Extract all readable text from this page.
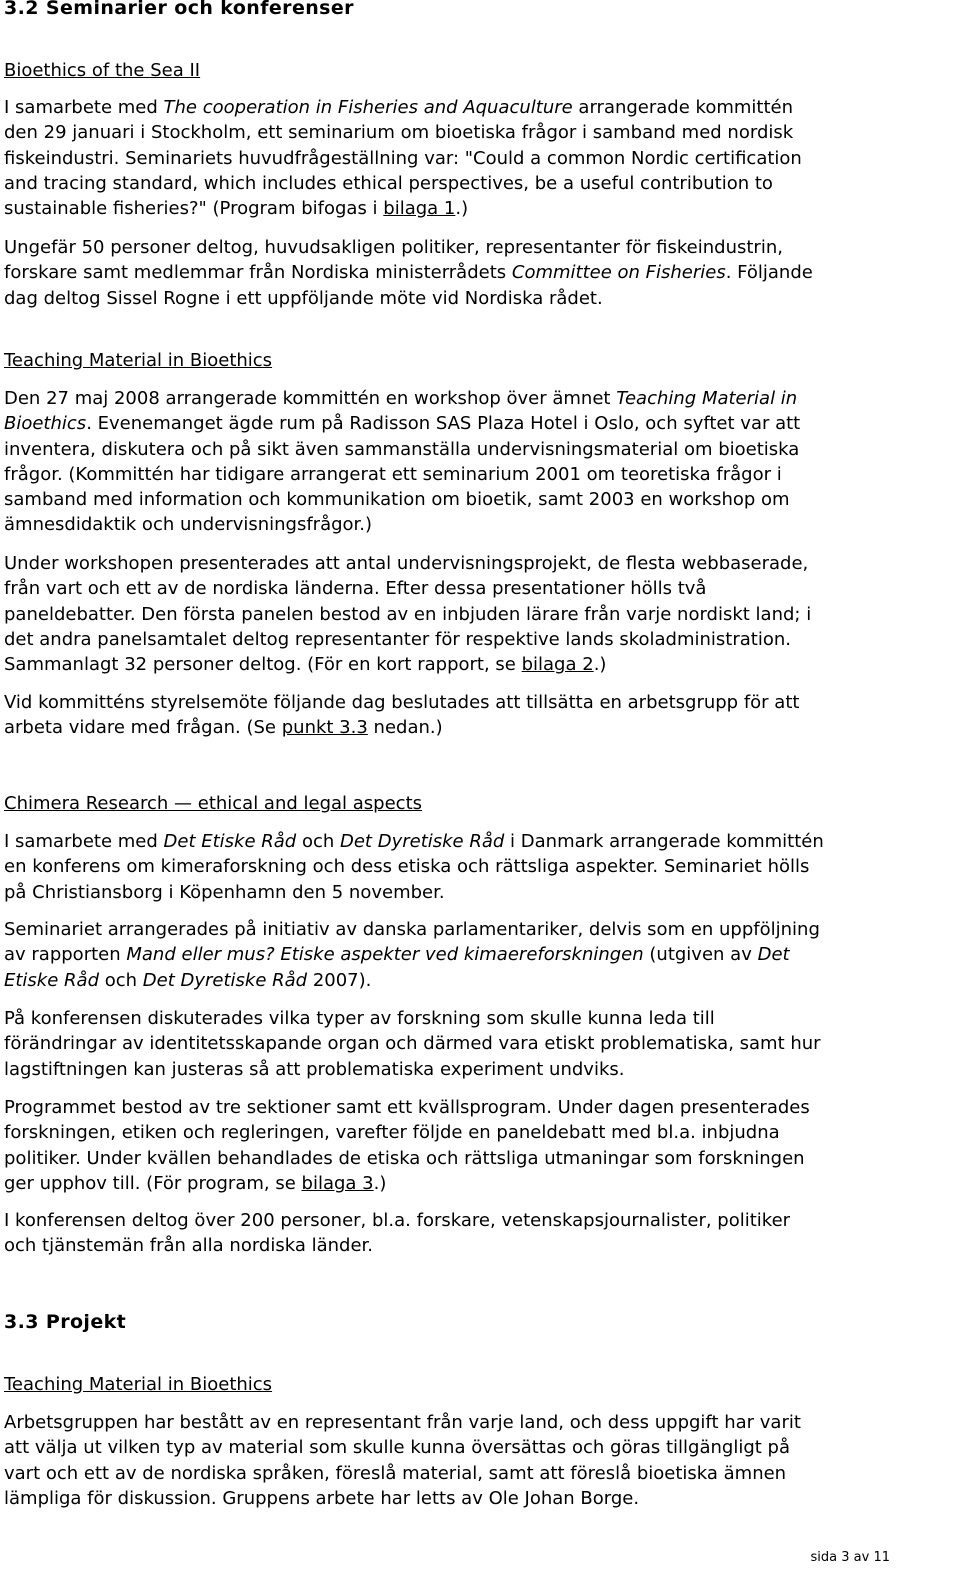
3.2 Seminarier och konferenser
Bioethics of the Sea II

I samarbete med The cooperation in Fisheries and Aquaculture arrangerade kommittén
den 29 januari i Stockholm, ett seminarium om bioetiska frågor i samband med nordisk
fiskeindustri. Seminariets huvudfrågeställning var: "Could a common Nordic certification
and tracing standard, which includes ethical perspectives, be a useful contribution to
sustainable fisheries?" (Program bifogas i bilaga 1.)

Ungefär 50 personer deltog, huvudsakligen politiker, representanter för fiskeindustrin,
forskare samt medlemmar från Nordiska ministerrådets Committee on Fisheries. Följande
dag deltog Sissel Rogne i ett uppföljande möte vid Nordiska rådet.

Teaching Material in Bioethics

Den 27 maj 2008 arrangerade kommittén en workshop över ämnet Teaching Material in
Bioethics. Evenemanget ägde rum på Radisson SAS Plaza Hotel i Oslo, och syftet var att
inventera, diskutera och på sikt även sammanställa undervisningsmaterial om bioetiska
frågor. (Kommittén har tidigare arrangerat ett seminarium 2001 om teoretiska frågor i
samband med information och kommunikation om bioetik, samt 2003 en workshop om
ämnesdidaktik och undervisningsfrågor.)

Under workshopen presenterades att antal undervisningsprojekt, de flesta webbaserade,
från vart och ett av de nordiska länderna. Efter dessa presentationer hölls två
paneldebatter. Den första panelen bestod av en inbjuden lärare från varje nordiskt land; i
det andra panelsamtalet deltog representanter för respektive lands skoladministration.
Sammanlagt 32 personer deltog. (För en kort rapport, se bilaga 2.)

Vid kommitténs styrelsemöte följande dag beslutades att tillsätta en arbetsgrupp för att
arbeta vidare med frågan. (Se punkt 3.3 nedan.)

Chimera Research — ethical and legal aspects

I samarbete med Det Etiske Råd och Det Dyretiske Råd i Danmark arrangerade kommittén
en konferens om kimeraforskning och dess etiska och rättsliga aspekter. Seminariet hölls
på Christiansborg i Köpenhamn den 5 november.

Seminariet arrangerades på initiativ av danska parlamentariker, delvis som en uppföljning
av rapporten Mand eller mus? Etiske aspekter ved kimaereforskningen (utgiven av Det
Etiske Råd och Det Dyretiske Råd 2007).

På konferensen diskuterades vilka typer av forskning som skulle kunna leda till
förändringar av identitetsskapande organ och därmed vara etiskt problematiska, samt hur
lagstiftningen kan justeras så att problematiska experiment undviks.

Programmet bestod av tre sektioner samt ett kvällsprogram. Under dagen presenterades
forskningen, etiken och regleringen, varefter följde en paneldebatt med bl.a. inbjudna
politiker. Under kvällen behandlades de etiska och rättsliga utmaningar som forskningen
ger upphov till. (För program, se bilaga 3.)

I konferensen deltog över 200 personer, bl.a. forskare, vetenskapsjournalister, politiker
och tjänstemän från alla nordiska länder.

3.3 Projekt
Teaching Material in Bioethics

Arbetsgruppen har bestått av en representant från varje land, och dess uppgift har varit
att välja ut vilken typ av material som skulle kunna översättas och göras tillgängligt på
vart och ett av de nordiska språken, föreslå material, samt att föreslå bioetiska ämnen
lämpliga för diskussion. Gruppens arbete har letts av Ole Johan Borge.

sida 3 av 11
